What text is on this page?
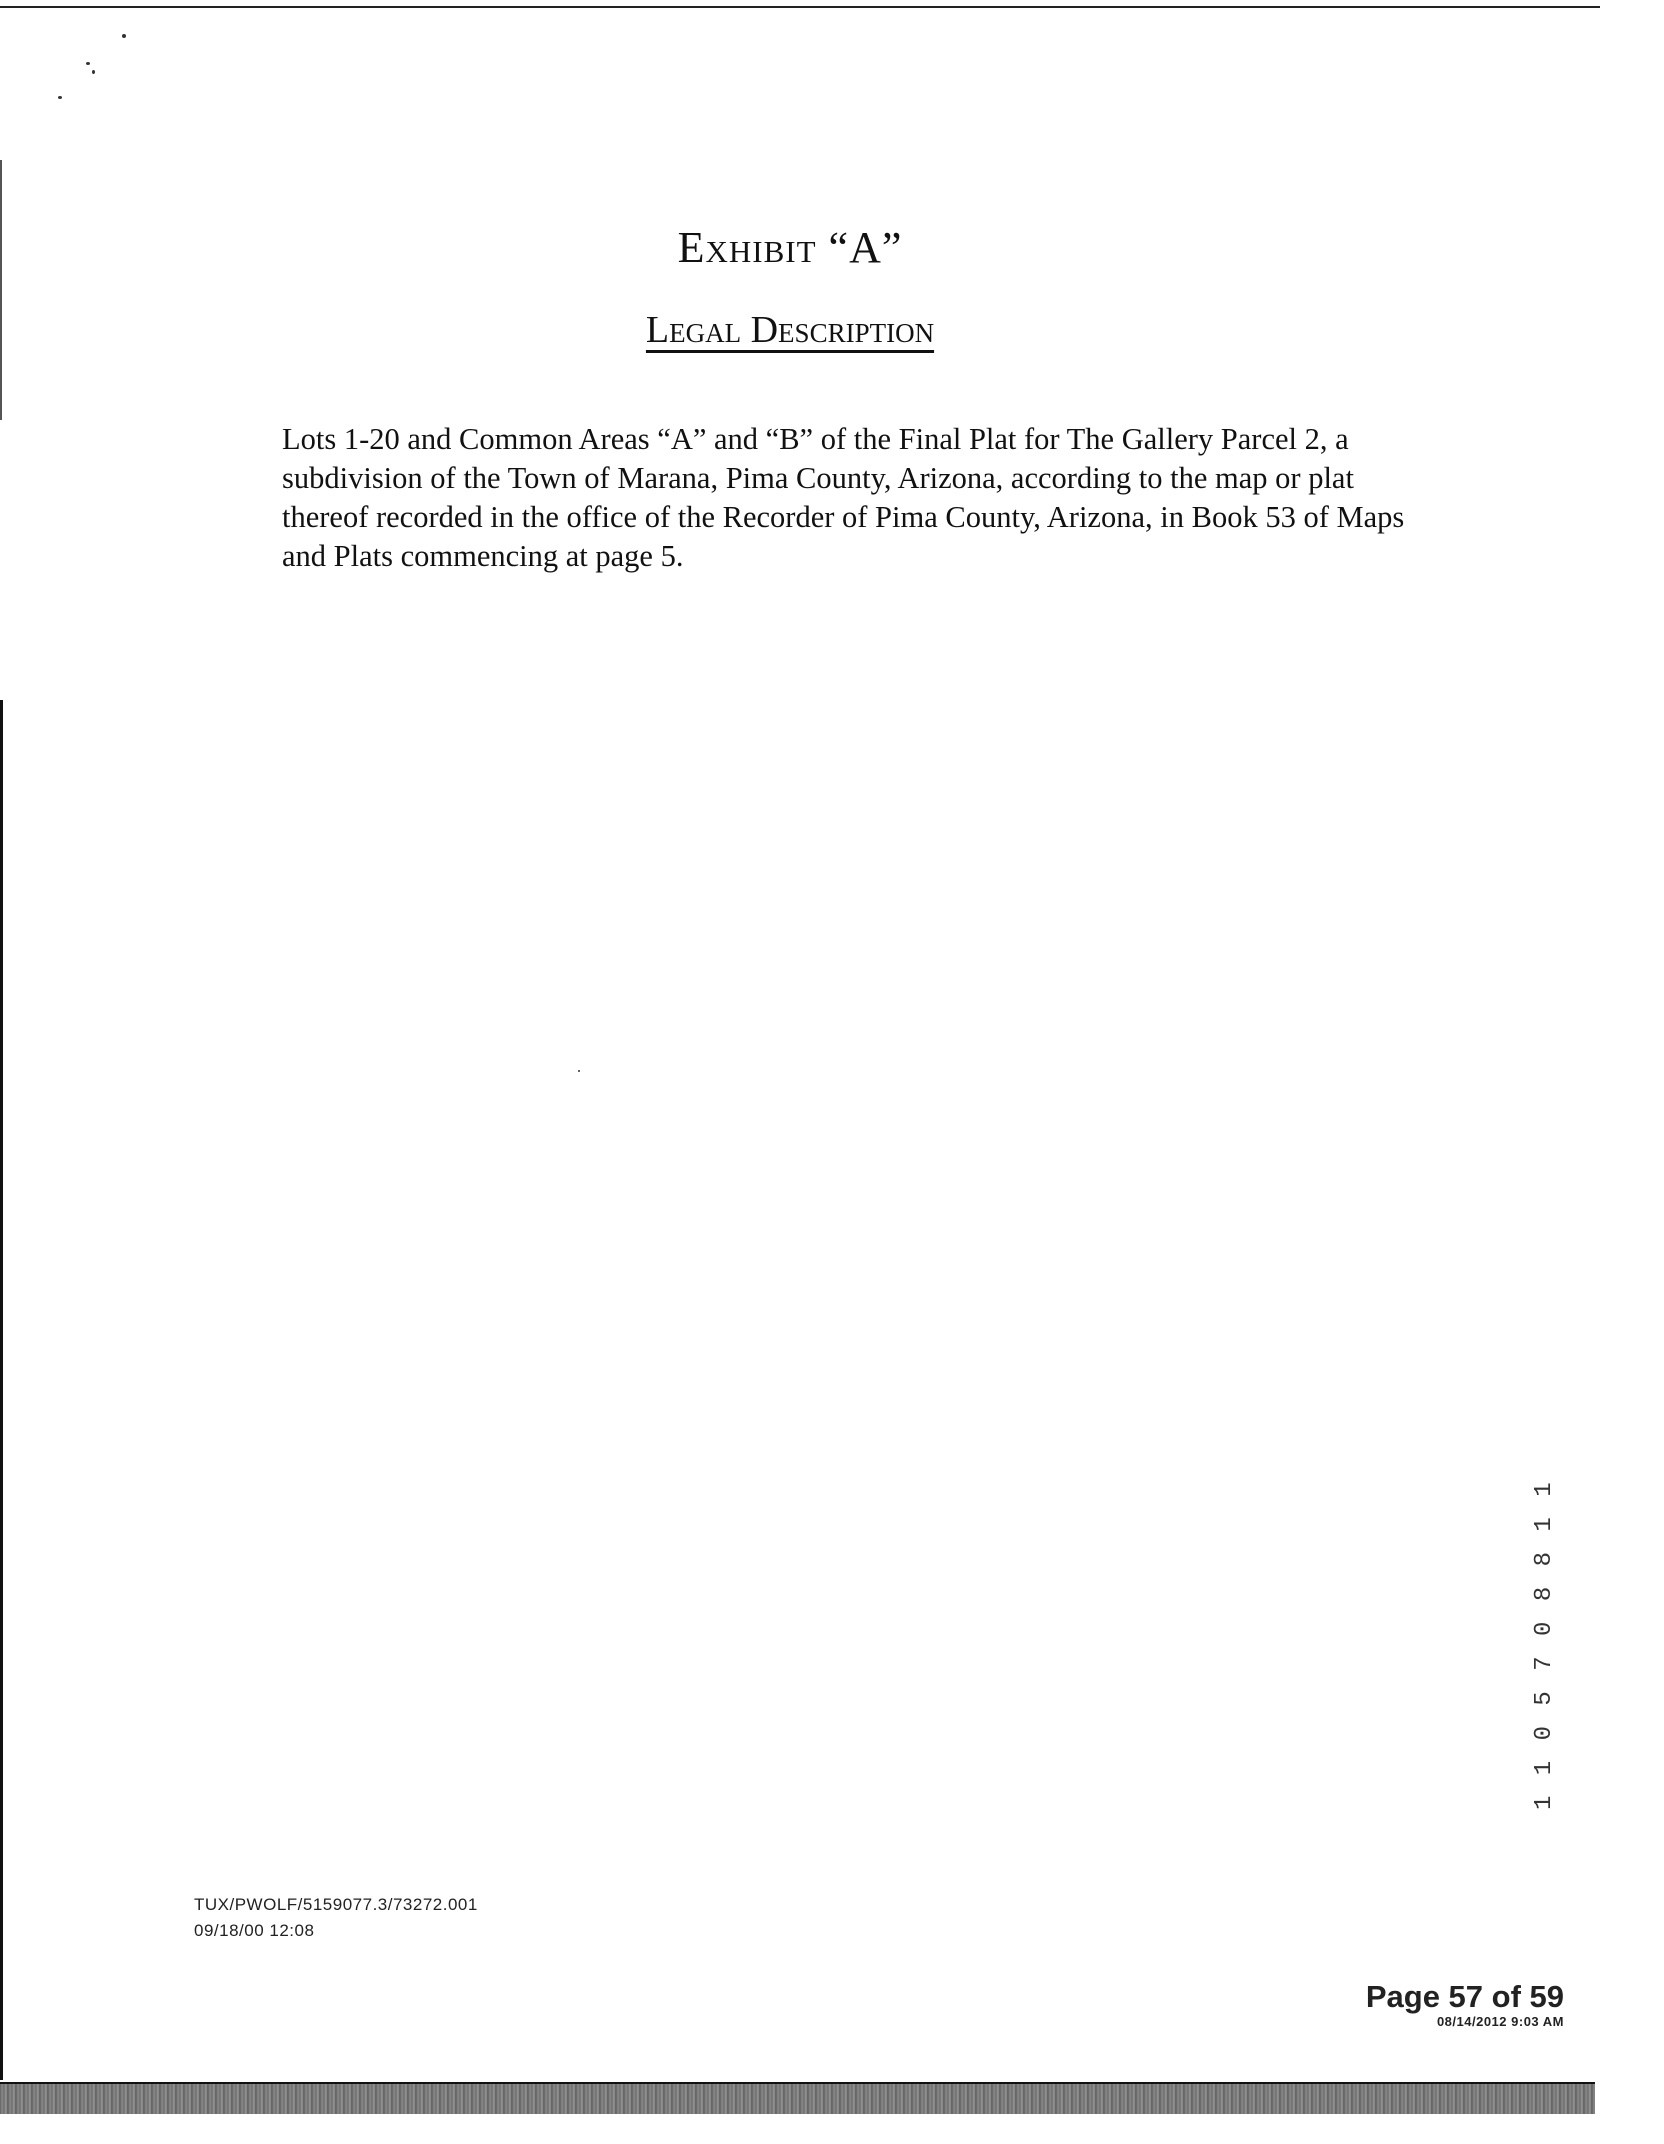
Exhibit “A”
Legal Description

Lots 1-20 and Common Areas “A” and “B” of the Final Plat for The Gallery Parcel 2, a subdivision of the Town of Marana, Pima County, Arizona, according to the map or plat thereof recorded in the office of the Recorder of Pima County, Arizona, in Book 53 of Maps and Plats commencing at page 5.

1 1 0 5 7 0 8 8 1 1
TUX/PWOLF/5159077.3/73272.001
09/18/00 12:08
Page 57 of 59
08/14/2012 9:03 AM
